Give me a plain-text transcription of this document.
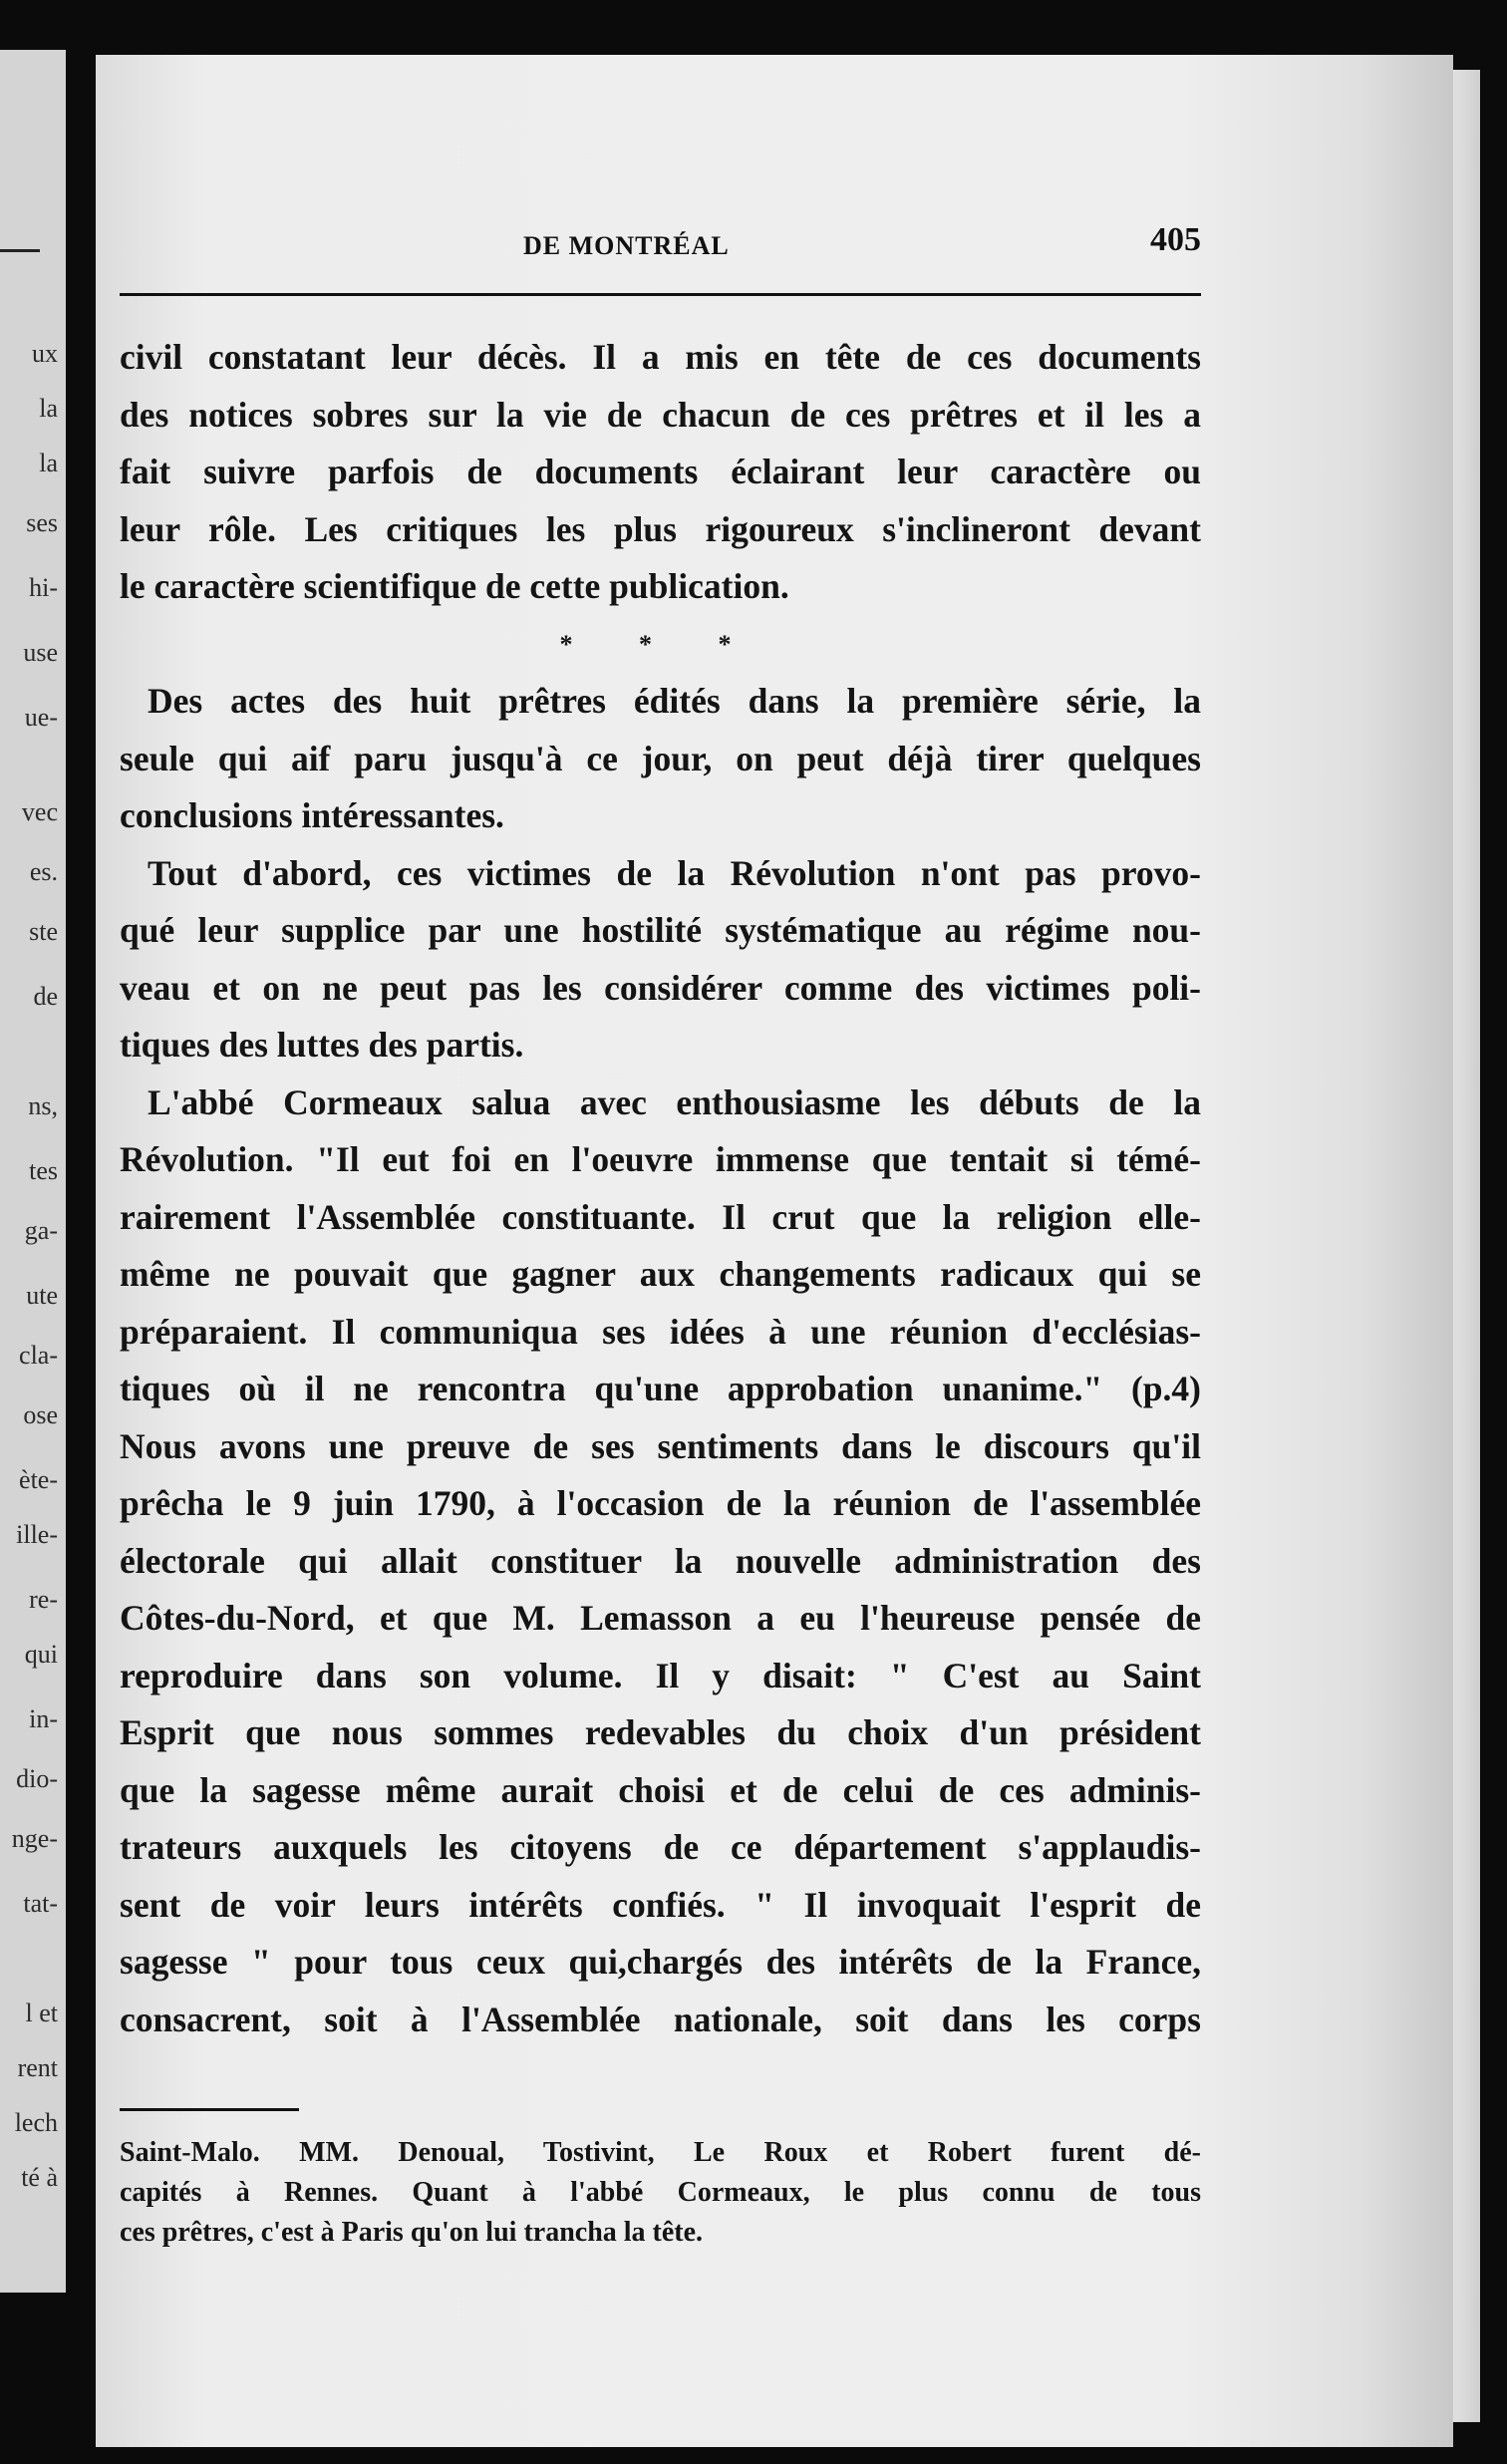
ux
la
la
ses
hi-
use
ue-
vec
es.
ste
de
ns,
tes
ga-
ute
cla-
ose
ète-
ille-
re-
qui
in-
dio-
nge-
tat-
l et
rent
lech
té à
DE MONTRÉAL	405
civil constatant leur décès. Il a mis en tête de ces documents
des notices sobres sur la vie de chacun de ces prêtres et il les a
fait suivre parfois de documents éclairant leur caractère ou
leur rôle. Les critiques les plus rigoureux s'inclineront devant
le caractère scientifique de cette publication.
* * *
Des actes des huit prêtres édités dans la première série, la
seule qui aif paru jusqu'à ce jour, on peut déjà tirer quelques
conclusions intéressantes.
Tout d'abord, ces victimes de la Révolution n'ont pas provo-
qué leur supplice par une hostilité systématique au régime nou-
veau et on ne peut pas les considérer comme des victimes poli-
tiques des luttes des partis.
L'abbé Cormeaux salua avec enthousiasme les débuts de la
Révolution. "Il eut foi en l'oeuvre immense que tentait si témé-
rairement l'Assemblée constituante. Il crut que la religion elle-
même ne pouvait que gagner aux changements radicaux qui se
préparaient. Il communiqua ses idées à une réunion d'ecclésias-
tiques où il ne rencontra qu'une approbation unanime." (p.4)
Nous avons une preuve de ses sentiments dans le discours qu'il
prêcha le 9 juin 1790, à l'occasion de la réunion de l'assemblée
électorale qui allait constituer la nouvelle administration des
Côtes-du-Nord, et que M. Lemasson a eu l'heureuse pensée de
reproduire dans son volume. Il y disait: " C'est au Saint
Esprit que nous sommes redevables du choix d'un président
que la sagesse même aurait choisi et de celui de ces adminis-
trateurs auxquels les citoyens de ce département s'applaudis-
sent de voir leurs intérêts confiés. " Il invoquait l'esprit de
sagesse " pour tous ceux qui,chargés des intérêts de la France,
consacrent, soit à l'Assemblée nationale, soit dans les corps
Saint-Malo. MM. Denoual, Tostivint, Le Roux et Robert furent dé-
capités à Rennes. Quant à l'abbé Cormeaux, le plus connu de tous
ces prêtres, c'est à Paris qu'on lui trancha la tête.
